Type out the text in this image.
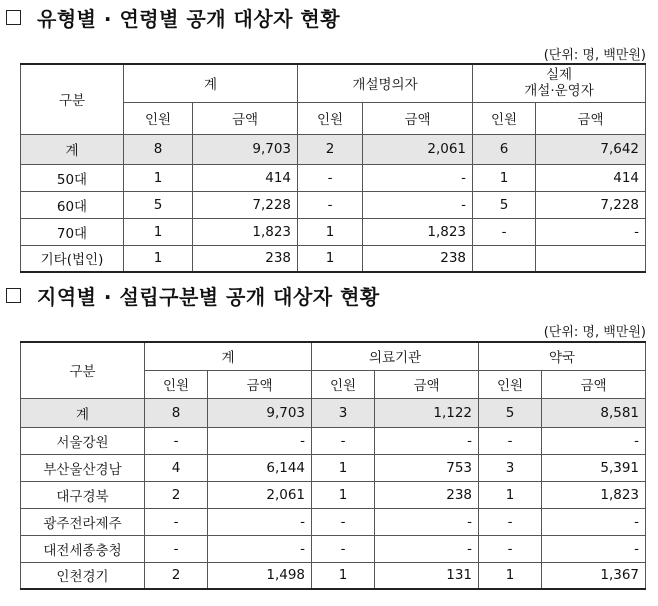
유형별 · 연령별 공개 대상자 현황
(단위: 명, 백만원)
구분	계		개설명의자		실제
개설·운영자	

	인원	금액	인원	금액	인원	금액
계	8	9,703	2	2,061	6	7,642
50대	1	414	-	-	1	414
60대	5	7,228	-	-	5	7,228
70대	1	1,823	1	1,823	-	-
기타(법인)	1	238	1	238		
지역별 · 설립구분별 공개 대상자 현황
(단위: 명, 백만원)
구분	계		의료기관		약국	
	인원	금액	인원	금액	인원	금액
계	8	9,703	3	1,122	5	8,581
서울강원	-	-	-	-	-	-
부산울산경남	4	6,144	1	753	3	5,391
대구경북	2	2,061	1	238	1	1,823
광주전라제주	-	-	-	-	-	-
대전세종충청	-	-	-	-	-	-
인천경기	2	1,498	1	131	1	1,367
